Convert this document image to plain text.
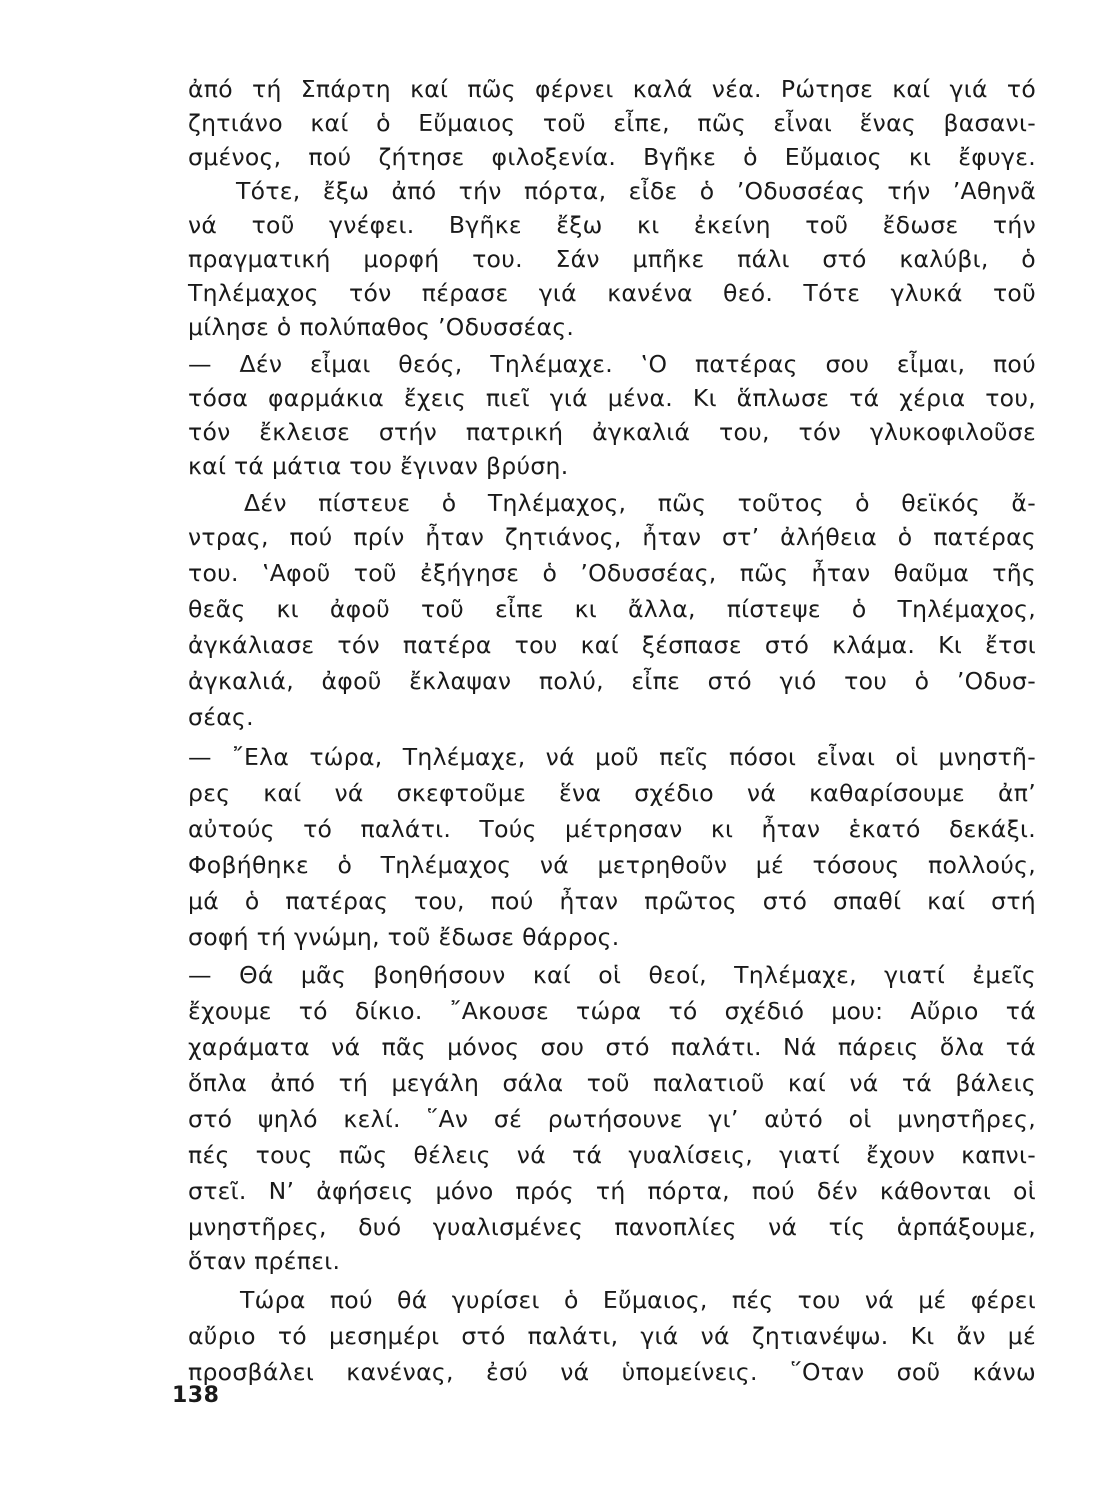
ἀπό τή Σπάρτη καί πῶς φέρνει καλά νέα. Ρώτησε καί γιά τό
ζητιάνο καί ὁ Εὔμαιος τοῦ εἶπε, πῶς εἶναι ἕνας βασανι-
σμένος, πού ζήτησε φιλοξενία. Βγῆκε ὁ Εὔμαιος κι ἔφυγε.
Τότε, ἔξω ἀπό τήν πόρτα, εἶδε ὁ ’Οδυσσέας τήν ’Αθηνᾶ
νά τοῦ γνέφει. Βγῆκε ἔξω κι ἐκείνη τοῦ ἔδωσε τήν
πραγματική μορφή του. Σάν μπῆκε πάλι στό καλύβι, ὁ
Τηλέμαχος τόν πέρασε γιά κανένα θεό. Τότε γλυκά τοῦ
μίλησε ὁ πολύπαθος ’Οδυσσέας.
— Δέν εἶμαι θεός, Τηλέμαχε. ‛Ο πατέρας σου εἶμαι, πού
τόσα φαρμάκια ἔχεις πιεῖ γιά μένα. Κι ἅπλωσε τά χέρια του,
τόν ἔκλεισε στήν πατρική ἀγκαλιά του, τόν γλυκοφιλοῦσε
καί τά μάτια του ἔγιναν βρύση.
Δέν πίστευε ὁ Τηλέμαχος, πῶς τοῦτος ὁ θεϊκός ἄ-
ντρας, πού πρίν ἦταν ζητιάνος, ἦταν στ’ ἀλήθεια ὁ πατέρας
του. ‛Αφοῦ τοῦ ἐξήγησε ὁ ’Οδυσσέας, πῶς ἦταν θαῦμα τῆς
θεᾶς κι ἀφοῦ τοῦ εἶπε κι ἄλλα, πίστεψε ὁ Τηλέμαχος,
ἀγκάλιασε τόν πατέρα του καί ξέσπασε στό κλάμα. Κι ἔτσι
ἀγκαλιά, ἀφοῦ ἔκλαψαν πολύ, εἶπε στό γιό του ὁ ’Οδυσ-
σέας.
— ῎Ελα τώρα, Τηλέμαχε, νά μοῦ πεῖς πόσοι εἶναι οἱ μνηστῆ-
ρες καί νά σκεφτοῦμε ἕνα σχέδιο νά καθαρίσουμε ἀπ’
αὐτούς τό παλάτι. Τούς μέτρησαν κι ἦταν ἑκατό δεκάξι.
Φοβήθηκε ὁ Τηλέμαχος νά μετρηθοῦν μέ τόσους πολλούς,
μά ὁ πατέρας του, πού ἦταν πρῶτος στό σπαθί καί στή
σοφή τή γνώμη, τοῦ ἔδωσε θάρρος.
— Θά μᾶς βοηθήσουν καί οἱ θεοί, Τηλέμαχε, γιατί ἐμεῖς
ἔχουμε τό δίκιο. ῎Ακουσε τώρα τό σχέδιό μου: Αὔριο τά
χαράματα νά πᾶς μόνος σου στό παλάτι. Νά πάρεις ὅλα τά
ὅπλα ἀπό τή μεγάλη σάλα τοῦ παλατιοῦ καί νά τά βάλεις
στό ψηλό κελί. ῞Αν σέ ρωτήσουνε γι’ αὐτό οἱ μνηστῆρες,
πές τους πῶς θέλεις νά τά γυαλίσεις, γιατί ἔχουν καπνι-
στεῖ. Ν’ ἀφήσεις μόνο πρός τή πόρτα, πού δέν κάθονται οἱ
μνηστῆρες, δυό γυαλισμένες πανοπλίες νά τίς ἁρπάξουμε,
ὅταν πρέπει.
Τώρα πού θά γυρίσει ὁ Εὔμαιος, πές του νά μέ φέρει
αὔριο τό μεσημέρι στό παλάτι, γιά νά ζητιανέψω. Κι ἄν μέ
προσβάλει κανένας, ἐσύ νά ὑπομείνεις. ῞Οταν σοῦ κάνω
138
